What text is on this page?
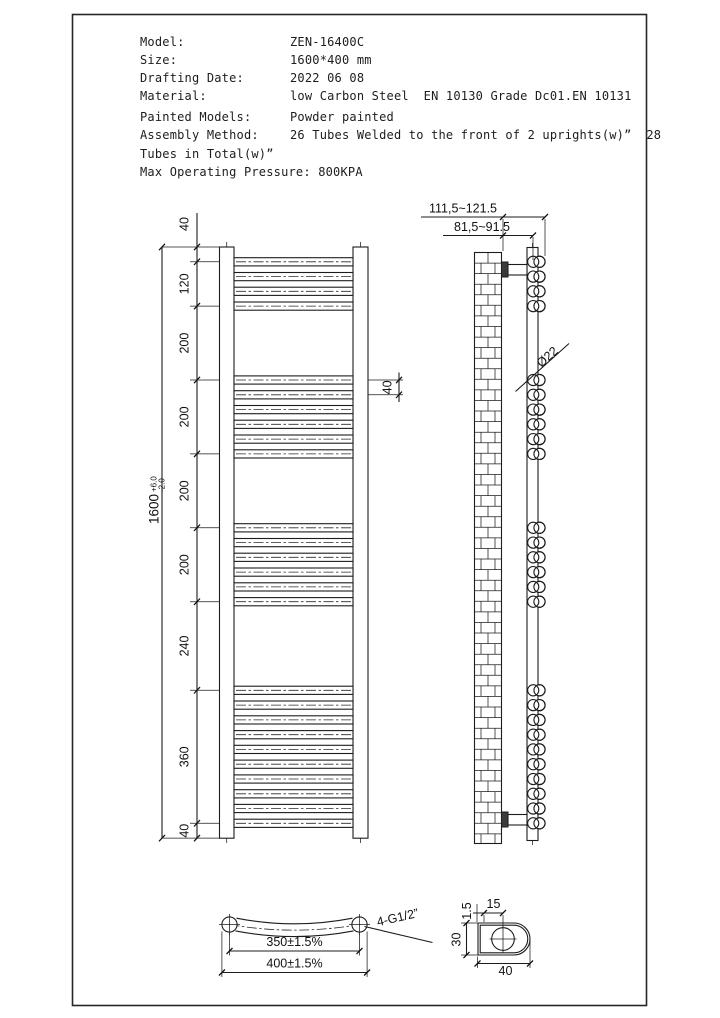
40
120
200
200
200
200
240
360
40
1600
+6.0 -2.0
40
111,5~121.5
81,5~91.5
Ø22
4-G1/2”
350±1.5%
400±1.5%
1.5 15
30
40
Model:	ZEN-16400C
Size:	1600*400 mm
Drafting Date:	2022 06 08
Material:	low Carbon Steel  EN 10130 Grade Dc01.EN 10131
Painted Models:	Powder painted
Assembly Method:	26 Tubes Welded to the front of 2 uprights(w)”  28
Tubes in Total(w)”
Max Operating Pressure: 800KPA
